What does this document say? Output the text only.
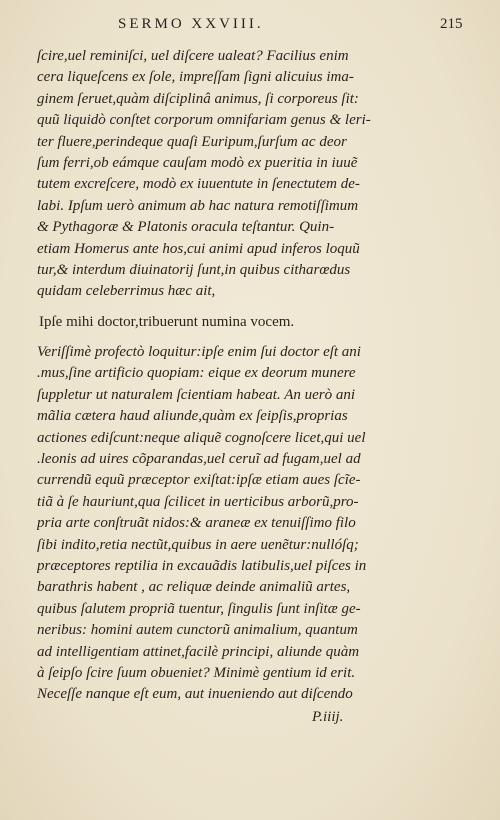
SERMO XXVIII.	215
ſcire,uel reminiſci, uel diſcere ualeat? Facilius enim
cera liqueſcens ex ſole, impreſſam ſigni alicuius ima-
ginem ſeruet,quàm diſciplinâ animus, ſi corporeus ſit:
quũ liquidò conſtet corporum omnifariam genus & leri-
ter fluere,perindeque quaſi Euripum,ſurſum ac deor
ſum ferri,ob eámque cauſam modò ex pueritia in iuuẽ
tutem excreſcere, modò ex iuuentute in ſenectutem de-
labi. Ipſum uerò animum ab hac natura remotiſſimum
& Pythagoræ & Platonis oracula teſtantur. Quin-
etiam Homerus ante hos,cui animi apud inferos loquũ
tur,& interdum diuinatorij ſunt,in quibus citharœdus
quidam celeberrimus hæc ait,
Ipſe mihi doctor,tribuerunt numina vocem.
Veriſſimè profectò loquitur:ipſe enim ſui doctor eſt ani
.mus,ſine artificio quopiam: eique ex deorum munere
ſuppletur ut naturalem ſcientiam habeat. An uerò ani
mãlia cætera haud aliunde,quàm ex ſeipſis,proprias
actiones ediſcunt:neque aliquẽ cognoſcere licet,qui uel
.leonis ad uires cõparandas,uel ceruĩ ad fugam,uel ad
currendũ equũ præceptor exiſtat:ipſæ etiam aues ſcĩe-
tiã à ſe hauriunt,qua ſcilicet in uerticibus arborũ,pro-
pria arte conſtruãt nidos:& araneæ ex tenuiſſimo filo
ſibi indito,retia nectũt,quibus in aere uenẽtur:nullóſq;
præceptores reptilia in excauãdis latibulis,uel piſces in
barathris habent , ac reliquæ deinde animaliũ artes,
quibus ſalutem propriã tuentur, ſingulis ſunt inſitæ ge-
neribus: homini autem cunctorũ animalium, quantum
ad intelligentiam attinet,facilè principi, aliunde quàm
à ſeipſo ſcire ſuum obueniet? Minimè gentium id erit.
Neceſſe nanque eſt eum, aut inueniendo aut diſcendo
P.iiij.
